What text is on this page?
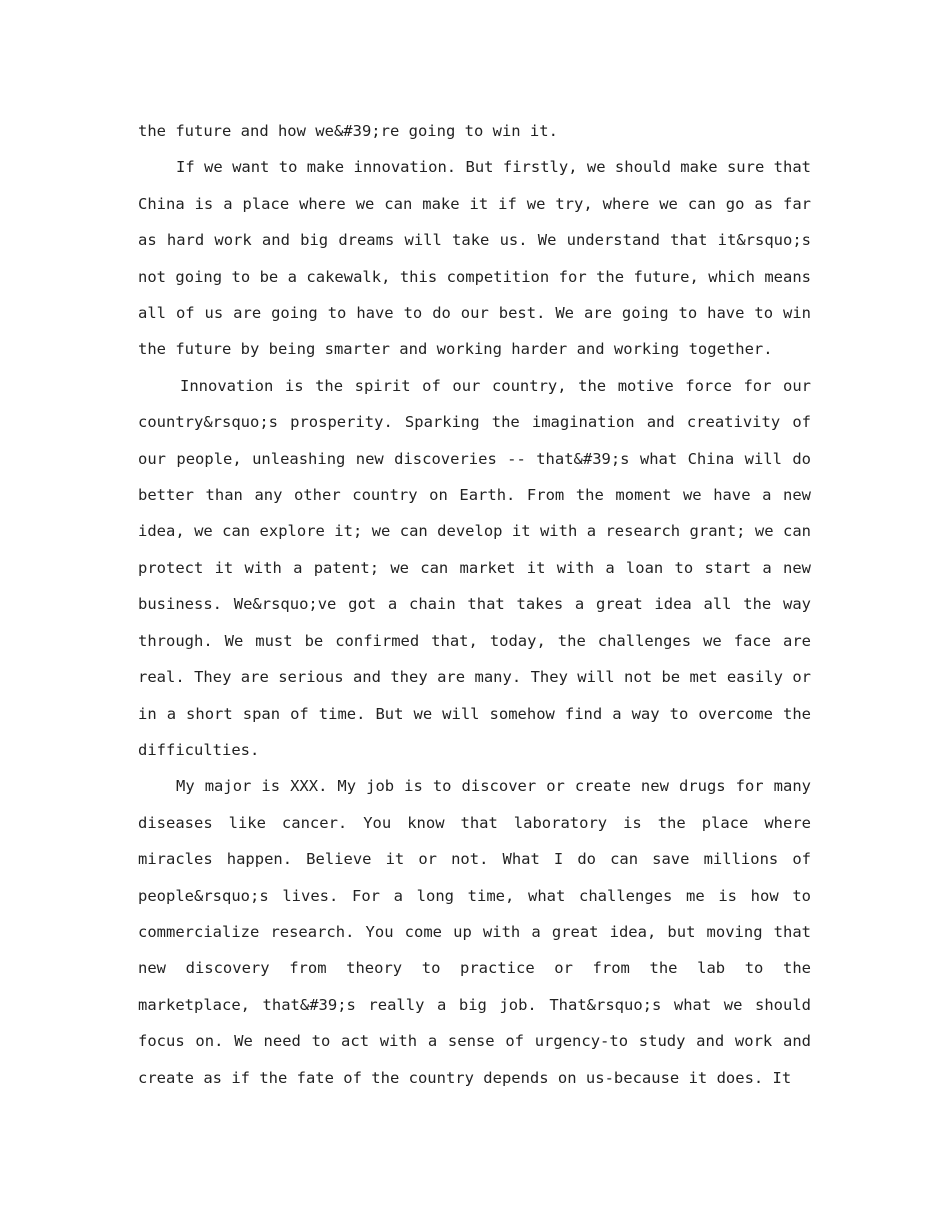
the future and how we&#39;re going to win it.

If we want to make innovation. But firstly, we should make sure that China is a place where we can make it if we try, where we can go as far as hard work and big dreams will take us. We understand that it&rsquo;s not going to be a cakewalk, this competition for the future, which means all of us are going to have to do our best. We are going to have to win the future by being smarter and working harder and working together.

Innovation is the spirit of our country, the motive force for our country&rsquo;s prosperity. Sparking the imagination and creativity of our people, unleashing new discoveries -- that&#39;s what China will do better than any other country on Earth. From the moment we have a new idea, we can explore it; we can develop it with a research grant; we can protect it with a patent; we can market it with a loan to start a new business. We&rsquo;ve got a chain that takes a great idea all the way through. We must be confirmed that, today, the challenges we face are real. They are serious and they are many. They will not be met easily or in a short span of time. But we will somehow find a way to overcome the difficulties.

My major is XXX. My job is to discover or create new drugs for many diseases like cancer. You know that laboratory is the place where miracles happen. Believe it or not. What I do can save millions of people&rsquo;s lives. For a long time, what challenges me is how to commercialize research. You come up with a great idea, but moving that new discovery from theory to practice or from the lab to the marketplace, that&#39;s really a big job. That&rsquo;s what we should focus on. We need to act with a sense of urgency-to study and work and create as if the fate of the country depends on us-because it does. It
